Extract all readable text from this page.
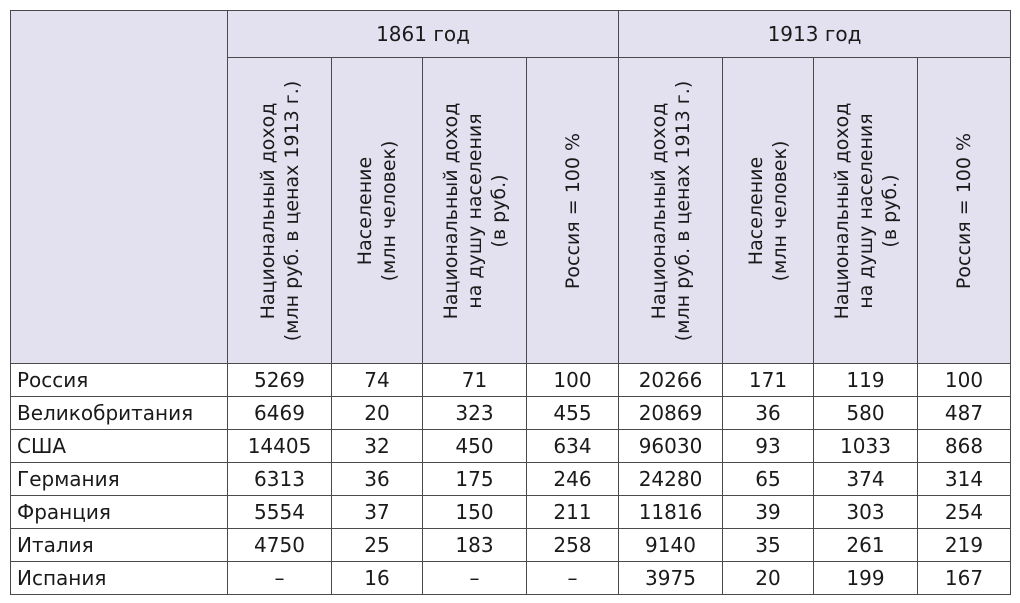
	1861 год				1913 год			

	Национальный доход (млн руб. в ценах 1913 г.)	Население (млн человек)	Национальный доход на душу населения (в руб.)	Россия = 100 %	Национальный доход (млн руб. в ценах 1913 г.)	Население (млн человек)	Национальный доход на душу населения (в руб.)	Россия = 100 %

Россия	5269	74	71	100	20266	171	119	100
Великобритания	6469	20	323	455	20869	36	580	487
США	14405	32	450	634	96030	93	1033	868
Германия	6313	36	175	246	24280	65	374	314
Франция	5554	37	150	211	11816	39	303	254
Италия	4750	25	183	258	9140	35	261	219
Испания	–	16	–	–	3975	20	199	167
